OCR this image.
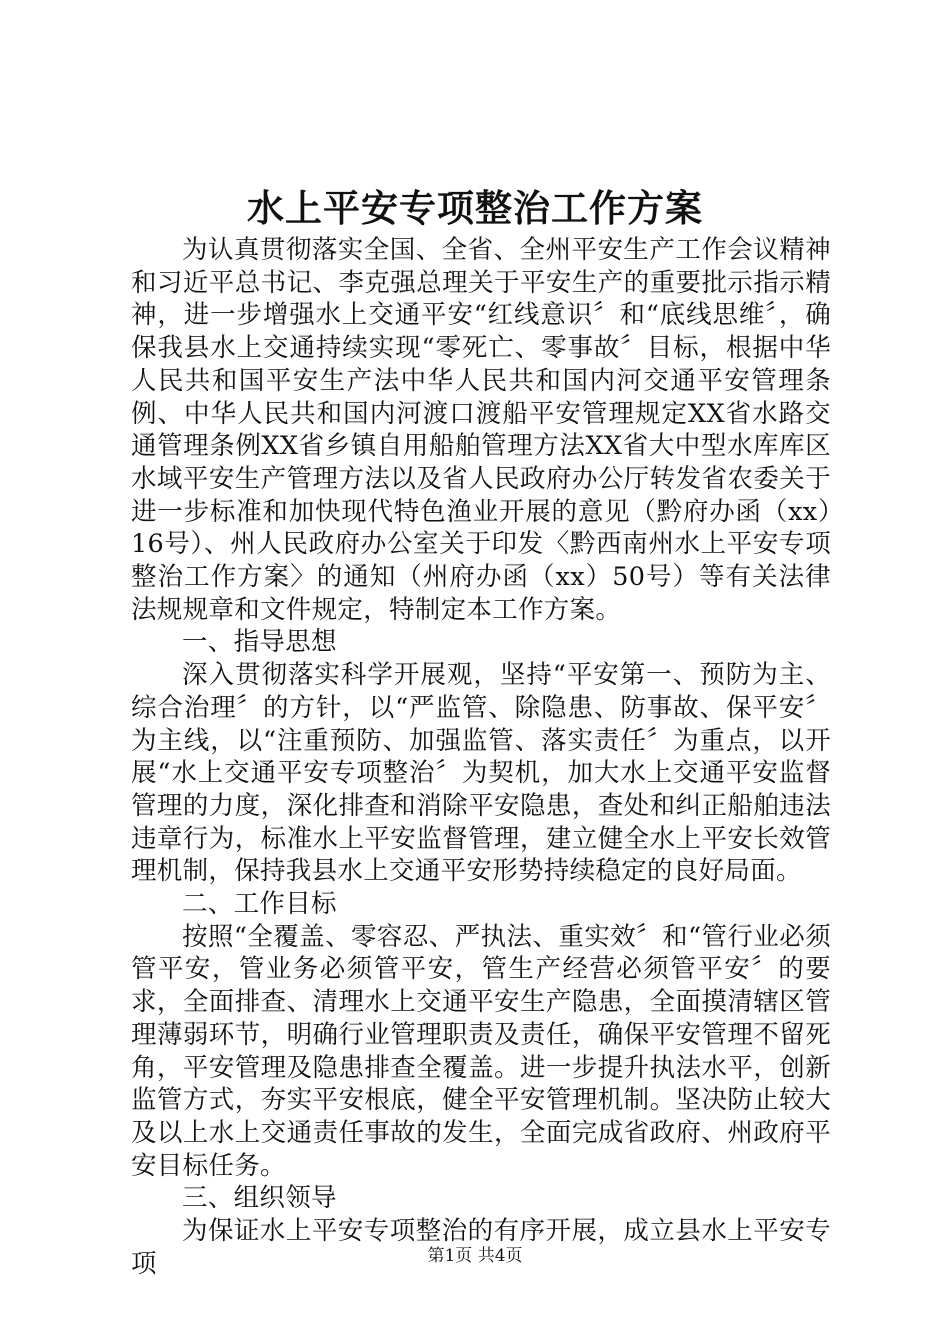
水上平安专项整治工作方案

为认真贯彻落实全国、全省、全州平安生产工作会议精神和习近平总书记、李克强总理关于平安生产的重要批示指示精神，进一步增强水上交通平安“红线意识〞和“底线思维〞，确保我县水上交通持续实现“零死亡、零事故〞目标，根据中华人民共和国平安生产法中华人民共和国内河交通平安管理条例、中华人民共和国内河渡口渡船平安管理规定XX省水路交通管理条例XX省乡镇自用船舶管理方法XX省大中型水库库区水域平安生产管理方法以及省人民政府办公厅转发省农委关于进一步标准和加快现代特色渔业开展的意见（黔府办函（xx）16号）、州人民政府办公室关于印发〈黔西南州水上平安专项整治工作方案〉的通知（州府办函（xx）50号）等有关法律法规规章和文件规定，特制定本工作方案。

一、指导思想

深入贯彻落实科学开展观，坚持“平安第一、预防为主、综合治理〞的方针，以“严监管、除隐患、防事故、保平安〞为主线，以“注重预防、加强监管、落实责任〞为重点，以开展“水上交通平安专项整治〞为契机，加大水上交通平安监督管理的力度，深化排查和消除平安隐患，查处和纠正船舶违法违章行为，标准水上平安监督管理，建立健全水上平安长效管理机制，保持我县水上交通平安形势持续稳定的良好局面。

二、工作目标

按照“全覆盖、零容忍、严执法、重实效〞和“管行业必须管平安，管业务必须管平安，管生产经营必须管平安〞的要求，全面排查、清理水上交通平安生产隐患，全面摸清辖区管理薄弱环节，明确行业管理职责及责任，确保平安管理不留死角，平安管理及隐患排查全覆盖。进一步提升执法水平，创新监管方式，夯实平安根底，健全平安管理机制。坚决防止较大及以上水上交通责任事故的发生，全面完成省政府、州政府平安目标任务。

三、组织领导

为保证水上平安专项整治的有序开展，成立县水上平安专项	第1页 共4页
